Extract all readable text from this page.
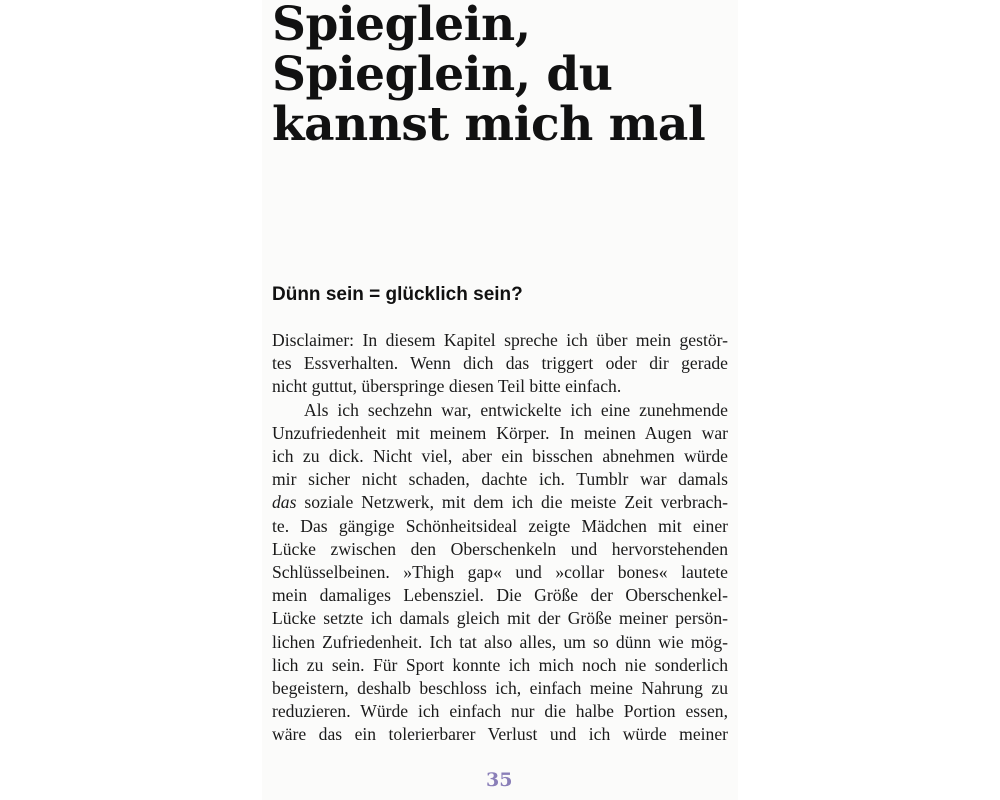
Spieglein,
Spieglein, du
kannst mich mal
Dünn sein = glücklich sein?
Disclaimer: In diesem Kapitel spreche ich über mein gestör-
tes Essverhalten. Wenn dich das triggert oder dir gerade
nicht guttut, überspringe diesen Teil bitte einfach.
Als ich sechzehn war, entwickelte ich eine zunehmende
Unzufriedenheit mit meinem Körper. In meinen Augen war
ich zu dick. Nicht viel, aber ein bisschen abnehmen würde
mir sicher nicht schaden, dachte ich. Tumblr war damals
das soziale Netzwerk, mit dem ich die meiste Zeit verbrach-
te. Das gängige Schönheitsideal zeigte Mädchen mit einer
Lücke zwischen den Oberschenkeln und hervorstehenden
Schlüsselbeinen. »Thigh gap« und »collar bones« lautete
mein damaliges Lebensziel. Die Größe der Oberschenkel-
Lücke setzte ich damals gleich mit der Größe meiner persön-
lichen Zufriedenheit. Ich tat also alles, um so dünn wie mög-
lich zu sein. Für Sport konnte ich mich noch nie sonderlich
begeistern, deshalb beschloss ich, einfach meine Nahrung zu
reduzieren. Würde ich einfach nur die halbe Portion essen,
wäre das ein tolerierbarer Verlust und ich würde meiner
35
